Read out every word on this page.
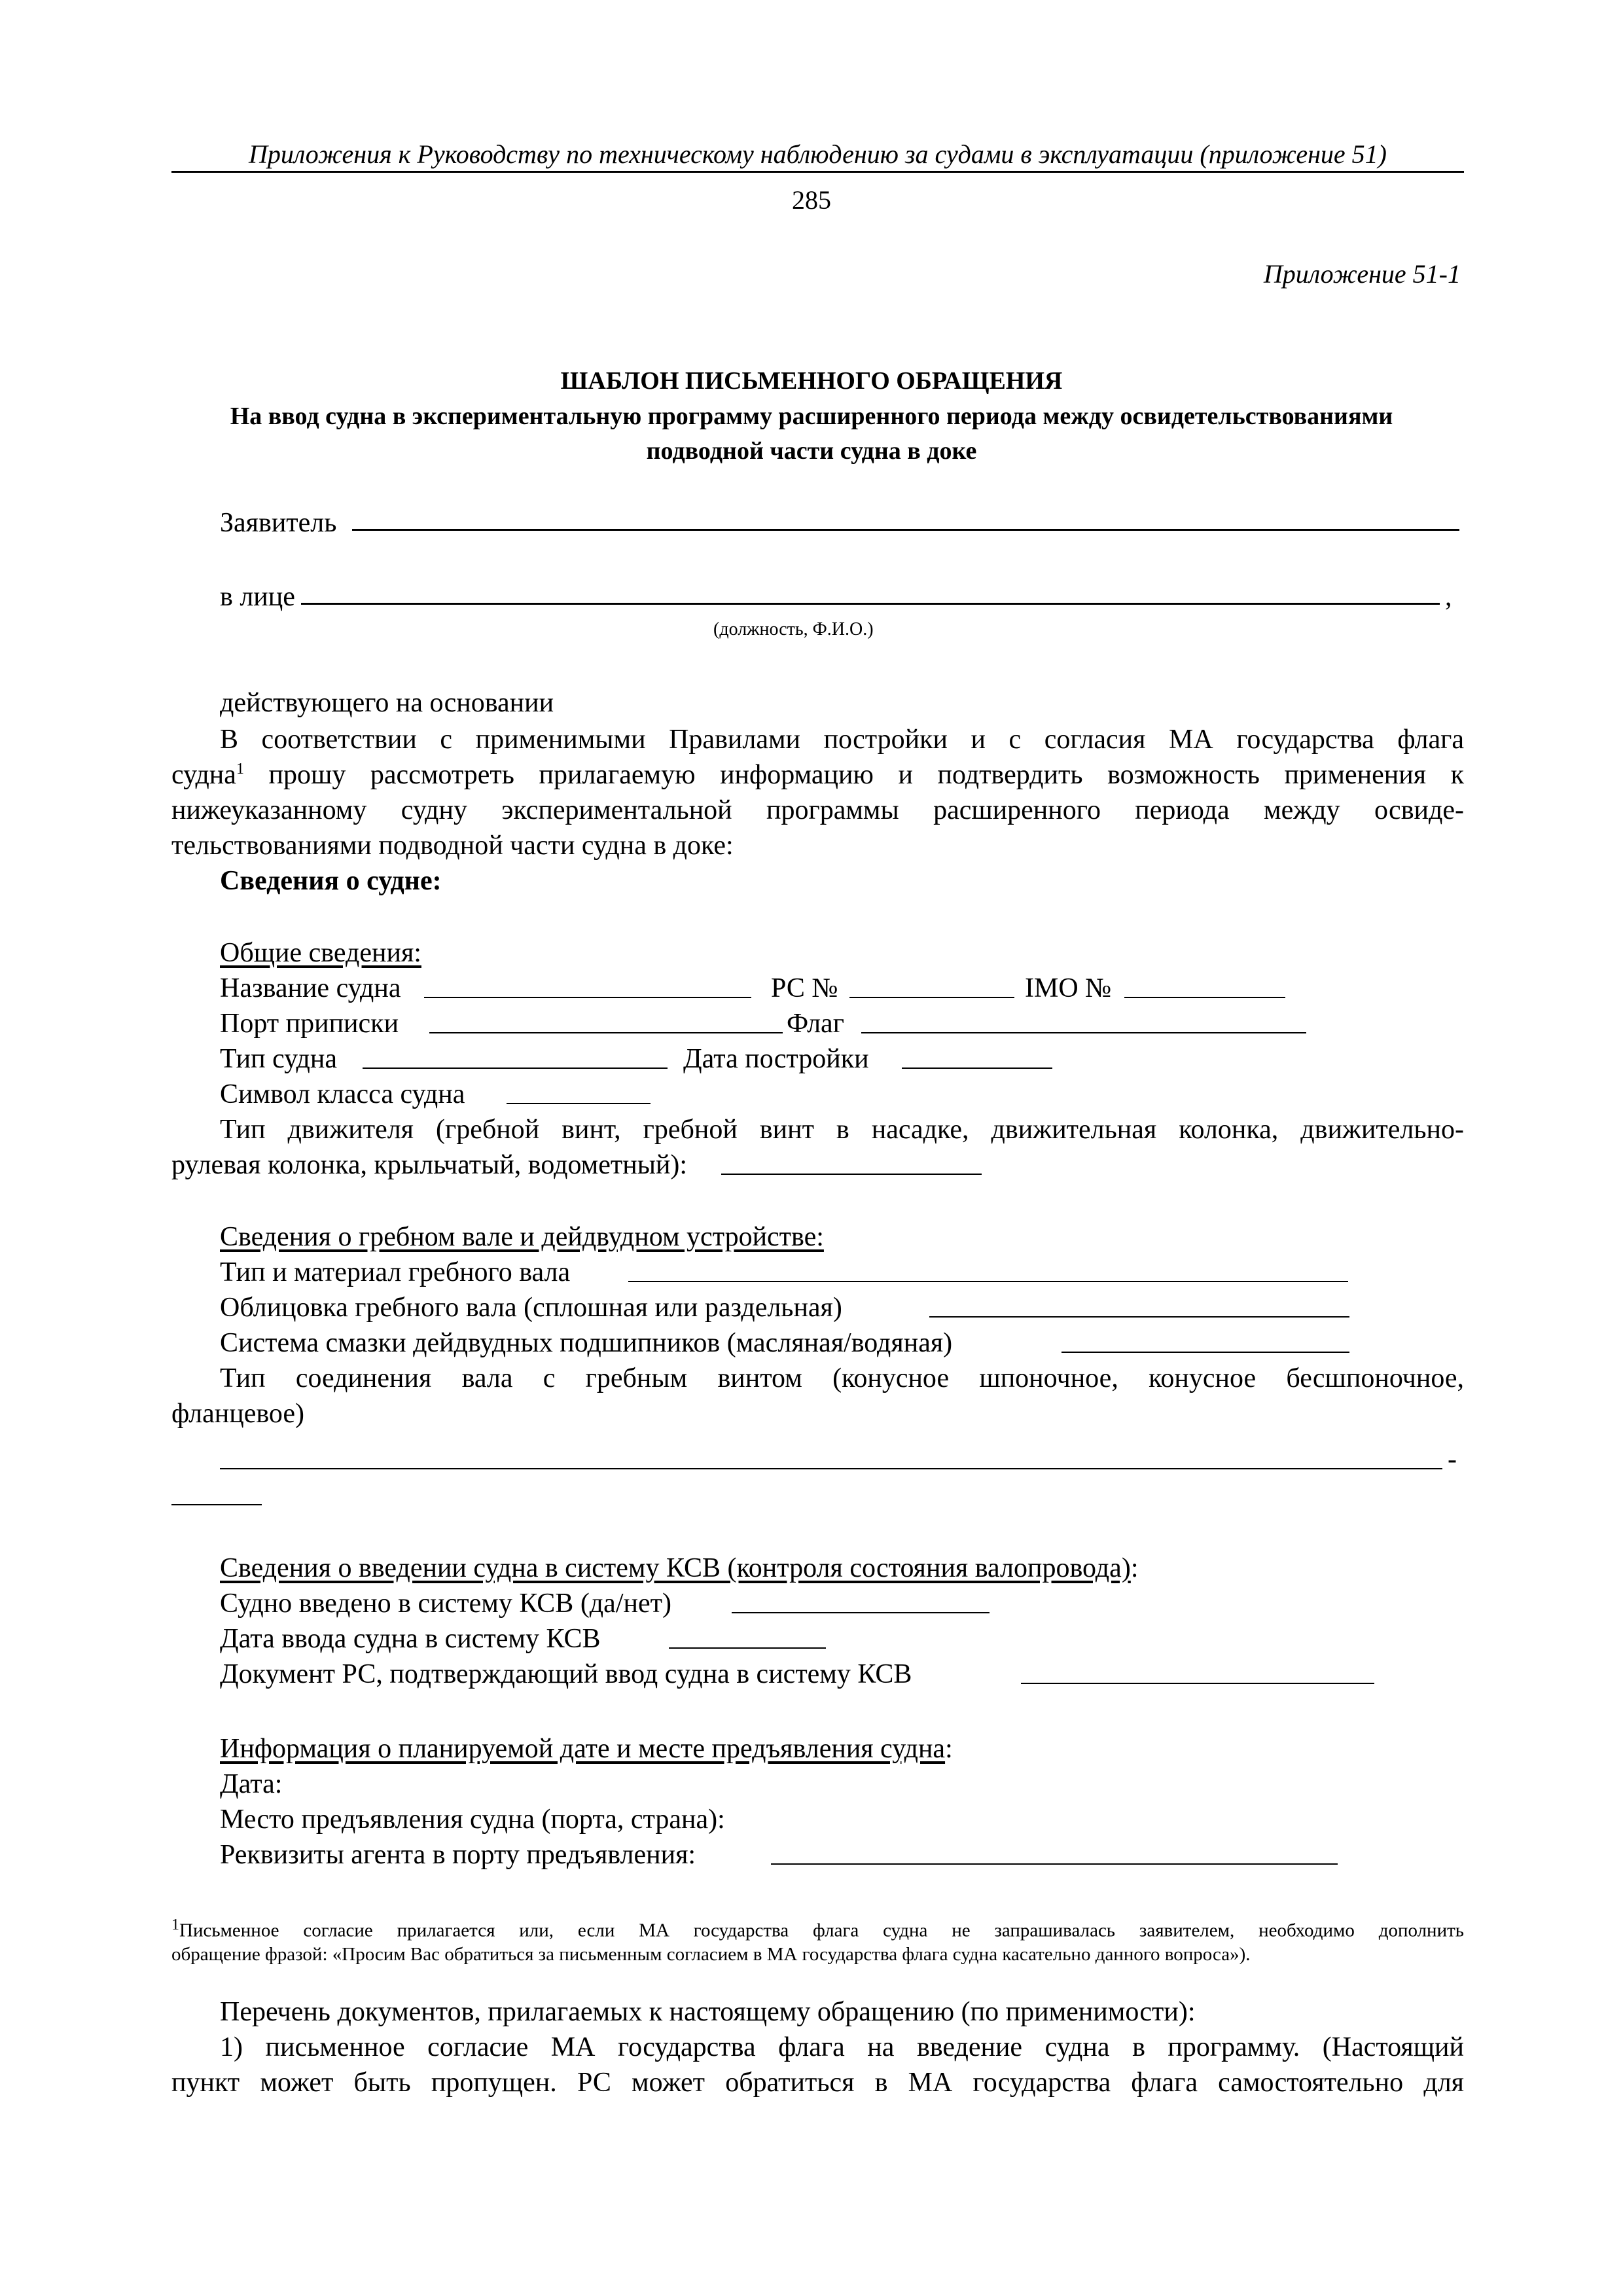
Приложения к Руководству по техническому наблюдению за судами в эксплуатации (приложение 51)
285
Приложение 51-1
ШАБЛОН ПИСЬМЕННОГО ОБРАЩЕНИЯ
На ввод судна в экспериментальную программу расширенного периода между освидетельствованиями
подводной части судна в доке
Заявитель
в лице	,
(должность, Ф.И.О.)
действующего на основании
В соответствии с применимыми Правилами постройки и с согласия МА государства флага
судна$^1$ прошу рассмотреть прилагаемую информацию и подтвердить возможность применения к
нижеуказанному судну экспериментальной программы расширенного периода между освиде-
тельствованиями подводной части судна в доке:
Сведения о судне:
Общие сведения:
Название судна	РС №	IMO №
Порт приписки	Флаг
Тип судна	Дата постройки
Символ класса судна
Тип движителя (гребной винт, гребной винт в насадке, движительная колонка, движительно-
рулевая колонка, крыльчатый, водометный):
Сведения о гребном вале и дейдвудном устройстве:
Тип и материал гребного вала
Облицовка гребного вала (сплошная или раздельная)
Система смазки дейдвудных подшипников (масляная/водяная)
Тип соединения вала с гребным винтом (конусное шпоночное, конусное бесшпоночное,
фланцевое)
-
Сведения о введении судна в систему КСВ (контроля состояния валопровода):
Судно введено в систему КСВ (да/нет)
Дата ввода судна в систему КСВ
Документ РС, подтверждающий ввод судна в систему КСВ
Информация о планируемой дате и месте предъявления судна:
Дата:
Место предъявления судна (порта, страна):
Реквизиты агента в порту предъявления:
$^1$Письменное согласие прилагается или, если МА государства флага судна не запрашивалась заявителем, необходимо дополнить
обращение фразой: «Просим Вас обратиться за письменным согласием в МА государства флага судна касательно данного вопроса»).
Перечень документов, прилагаемых к настоящему обращению (по применимости):
1) письменное согласие МА государства флага на введение судна в программу. (Настоящий
пункт может быть пропущен. РС может обратиться в МА государства флага самостоятельно для
